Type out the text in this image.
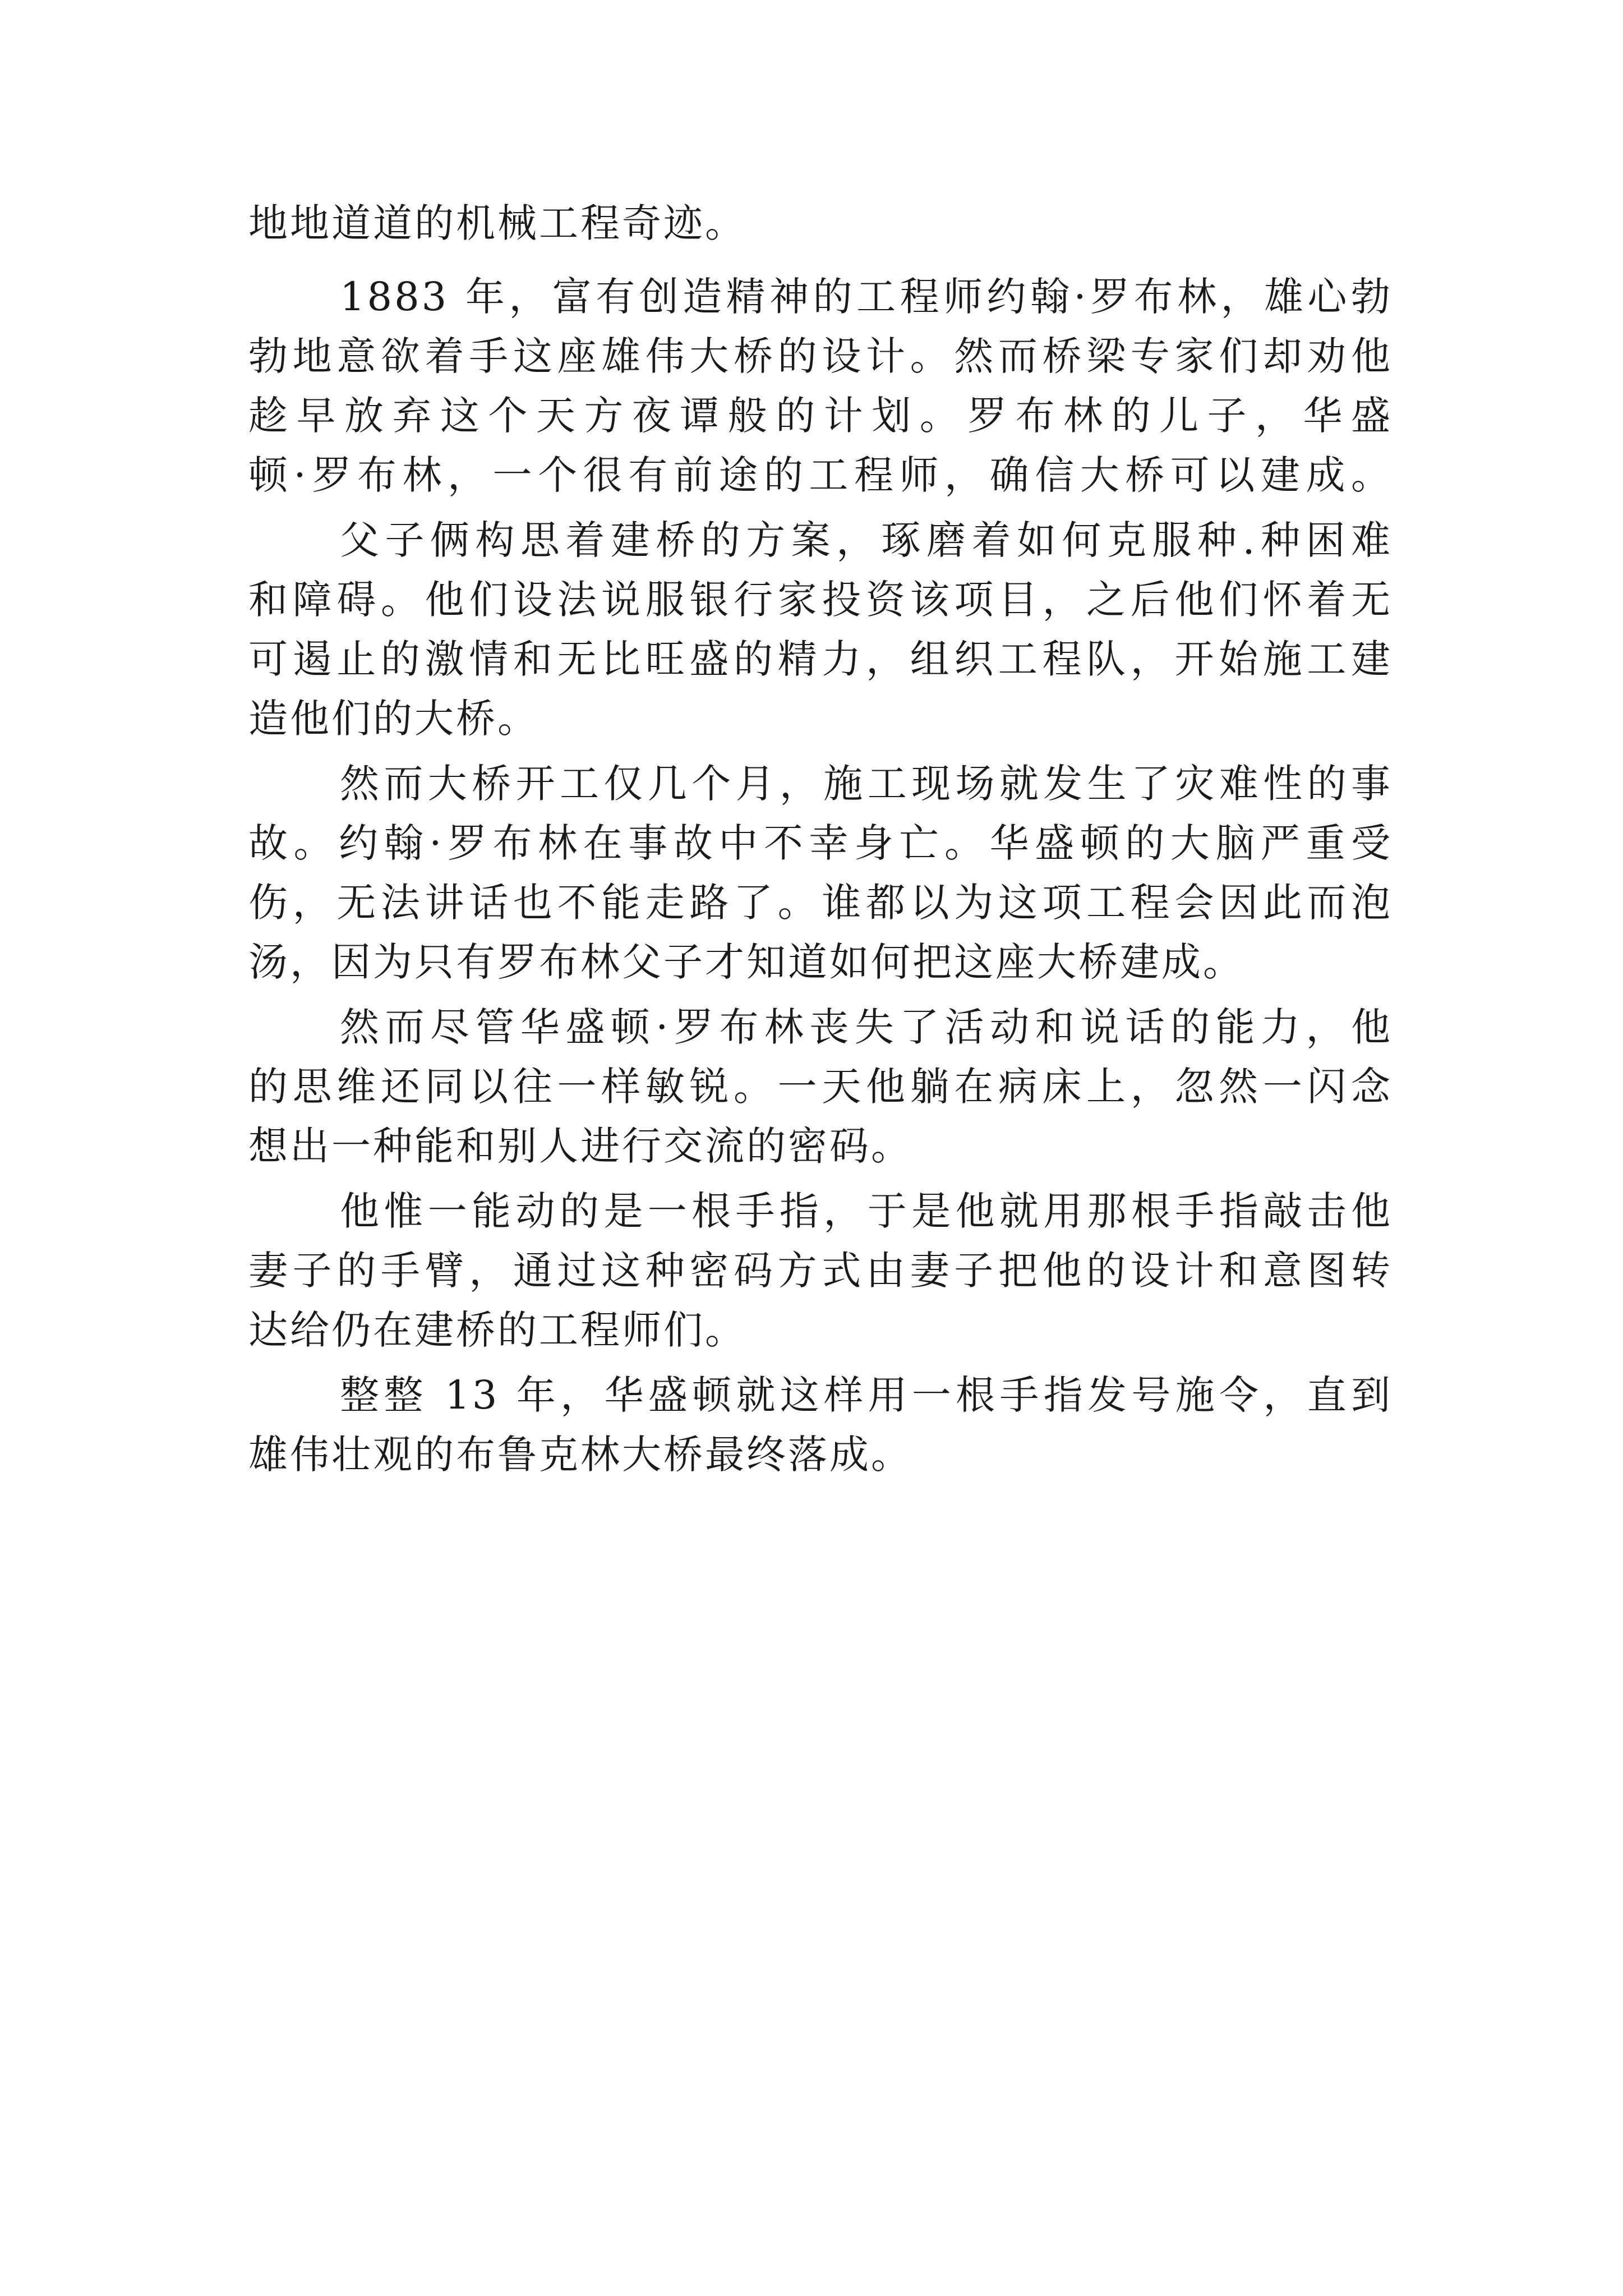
地地道道的机械工程奇迹。
1883 年，富有创造精神的工程师约翰·罗布林，雄心勃
勃地意欲着手这座雄伟大桥的设计。然而桥梁专家们却劝他
趁早放弃这个天方夜谭般的计划。罗布林的儿子，华盛
顿·罗布林，一个很有前途的工程师，确信大桥可以建成。
父子俩构思着建桥的方案，琢磨着如何克服种.种困难
和障碍。他们设法说服银行家投资该项目，之后他们怀着无
可遏止的激情和无比旺盛的精力，组织工程队，开始施工建
造他们的大桥。
然而大桥开工仅几个月，施工现场就发生了灾难性的事
故。约翰·罗布林在事故中不幸身亡。华盛顿的大脑严重受
伤，无法讲话也不能走路了。谁都以为这项工程会因此而泡
汤，因为只有罗布林父子才知道如何把这座大桥建成。
然而尽管华盛顿·罗布林丧失了活动和说话的能力，他
的思维还同以往一样敏锐。一天他躺在病床上，忽然一闪念
想出一种能和别人进行交流的密码。
他惟一能动的是一根手指，于是他就用那根手指敲击他
妻子的手臂，通过这种密码方式由妻子把他的设计和意图转
达给仍在建桥的工程师们。
整整 13 年，华盛顿就这样用一根手指发号施令，直到
雄伟壮观的布鲁克林大桥最终落成。
